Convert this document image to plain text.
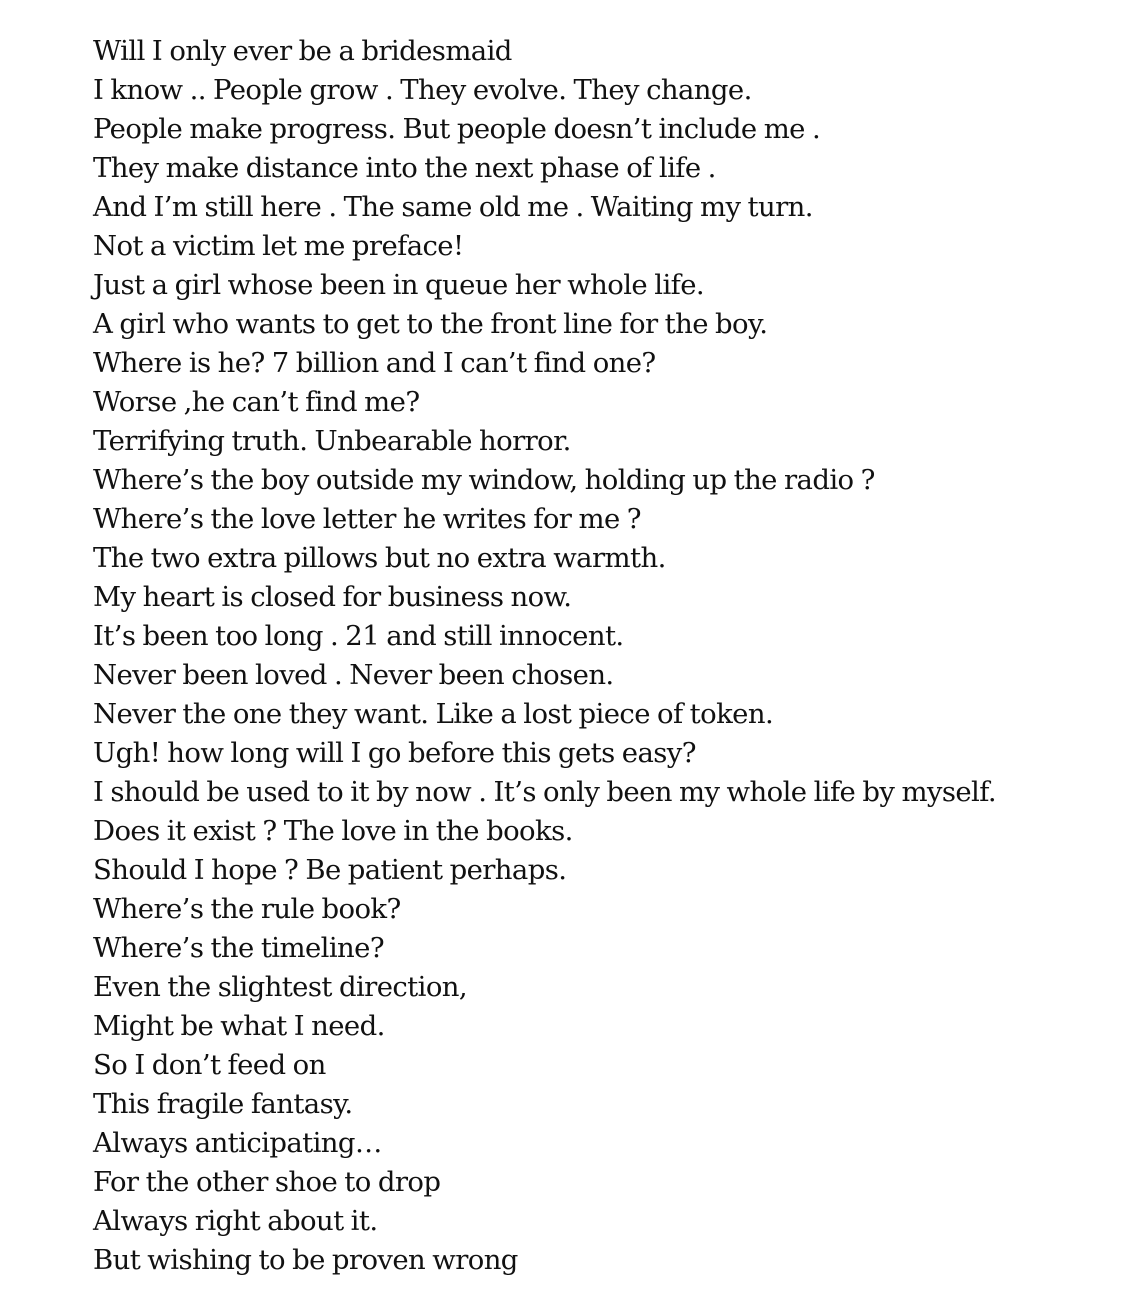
Will I only ever be a bridesmaid
I know .. People grow . They evolve. They change.
People make progress. But people doesn’t include me .
They make distance into the next phase of life .
And I’m still here . The same old me . Waiting my turn.
Not a victim let me preface!
Just a girl whose been in queue her whole life.
A girl who wants to get to the front line for the boy.
Where is he? 7 billion and I can’t find one?
Worse ,he can’t find me?
Terrifying truth. Unbearable horror.
Where’s the boy outside my window, holding up the radio ?
Where’s the love letter he writes for me ?
The two extra pillows but no extra warmth.
My heart is closed for business now.
It’s been too long . 21 and still innocent.
Never been loved . Never been chosen.
Never the one they want. Like a lost piece of token.
Ugh! how long will I go before this gets easy?
I should be used to it by now . It’s only been my whole life by myself.
Does it exist ? The love in the books.
Should I hope ? Be patient perhaps.
Where’s the rule book?
Where’s the timeline?
Even the slightest direction,
Might be what I need.
So I don’t feed on
This fragile fantasy.
Always anticipating…
For the other shoe to drop
Always right about it.
But wishing to be proven wrong
